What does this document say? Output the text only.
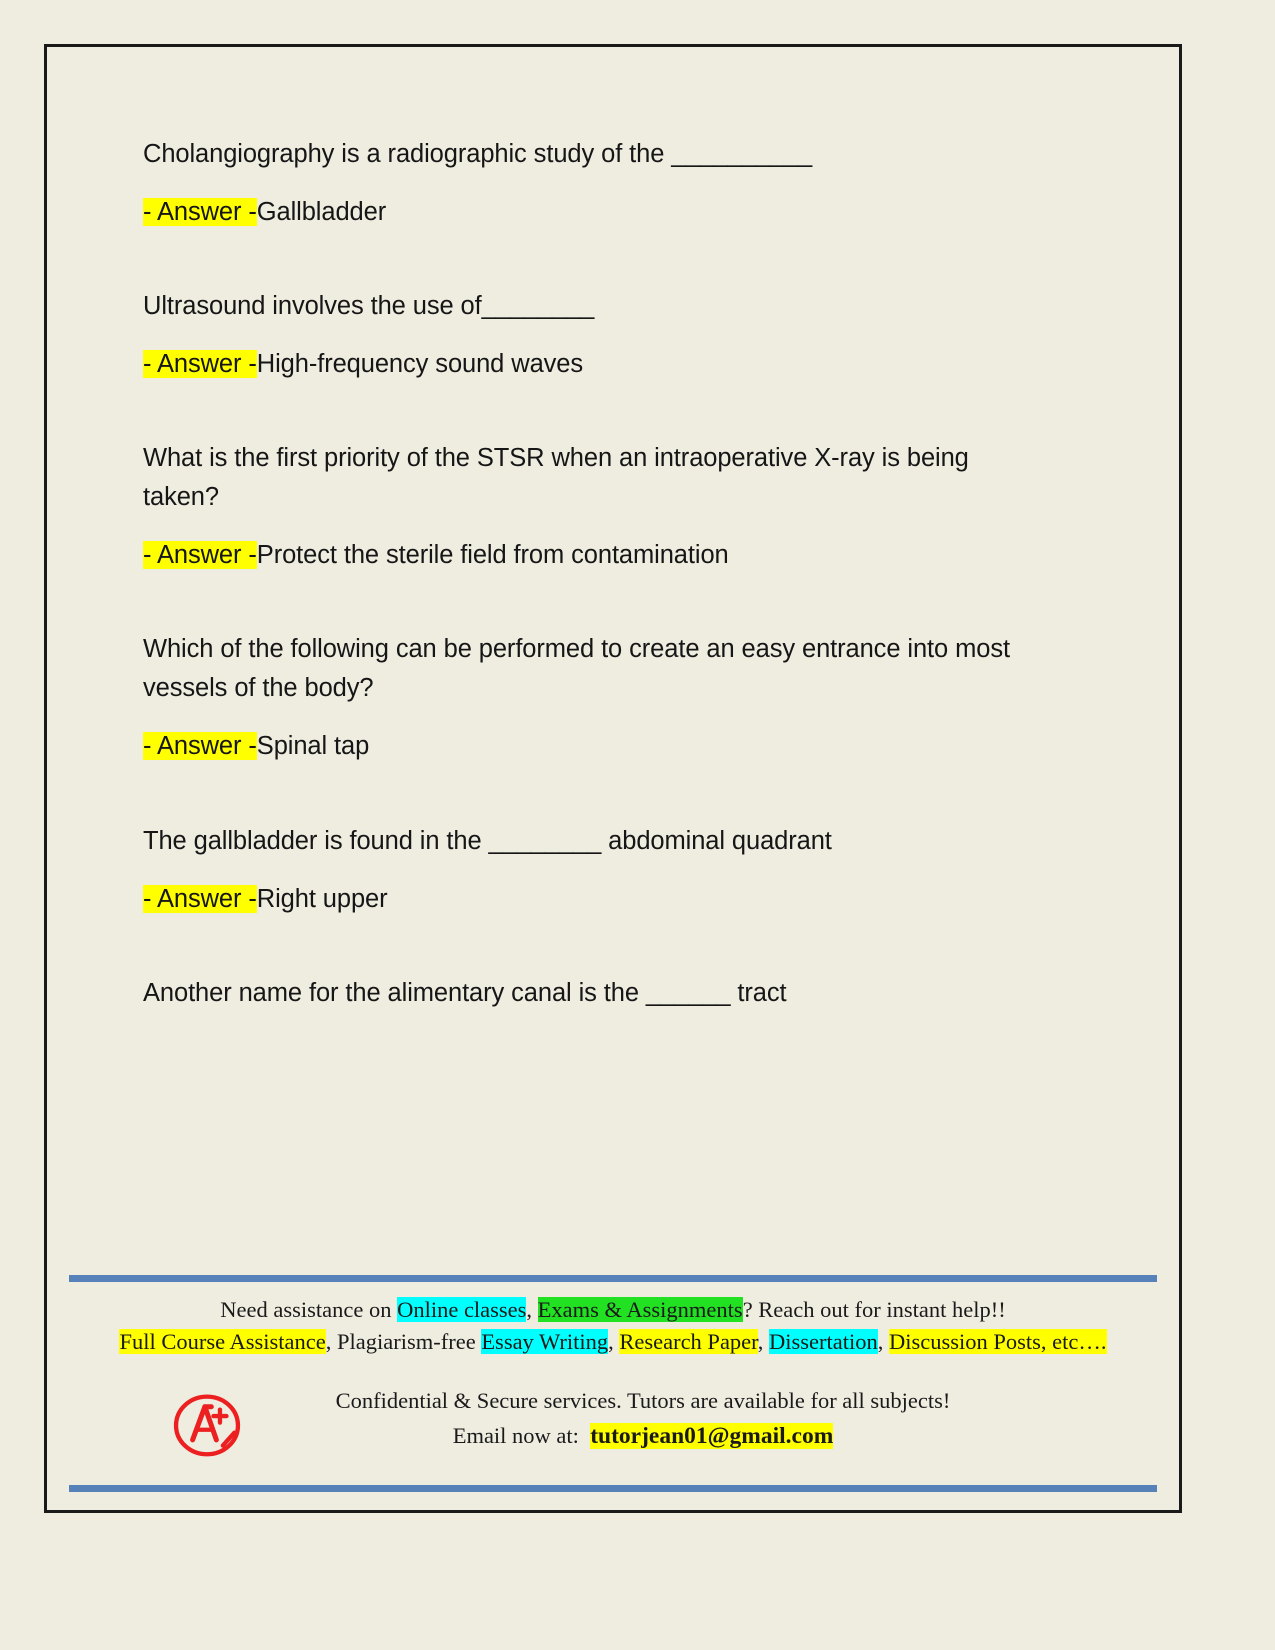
Cholangiography is a radiographic study of the __________

- Answer -Gallbladder

Ultrasound involves the use of________

- Answer -High-frequency sound waves

What is the first priority of the STSR when an intraoperative X-ray is being taken?

- Answer -Protect the sterile field from contamination

Which of the following can be performed to create an easy entrance into most vessels of the body?

- Answer -Spinal tap

The gallbladder is found in the ________ abdominal quadrant

- Answer -Right upper

Another name for the alimentary canal is the ______ tract

Need assistance on Online classes, Exams & Assignments? Reach out for instant help!!

Full Course Assistance, Plagiarism-free Essay Writing, Research Paper, Dissertation, Discussion Posts, etc….

Confidential & Secure services. Tutors are available for all subjects!

Email now at: tutorjean01@gmail.com
